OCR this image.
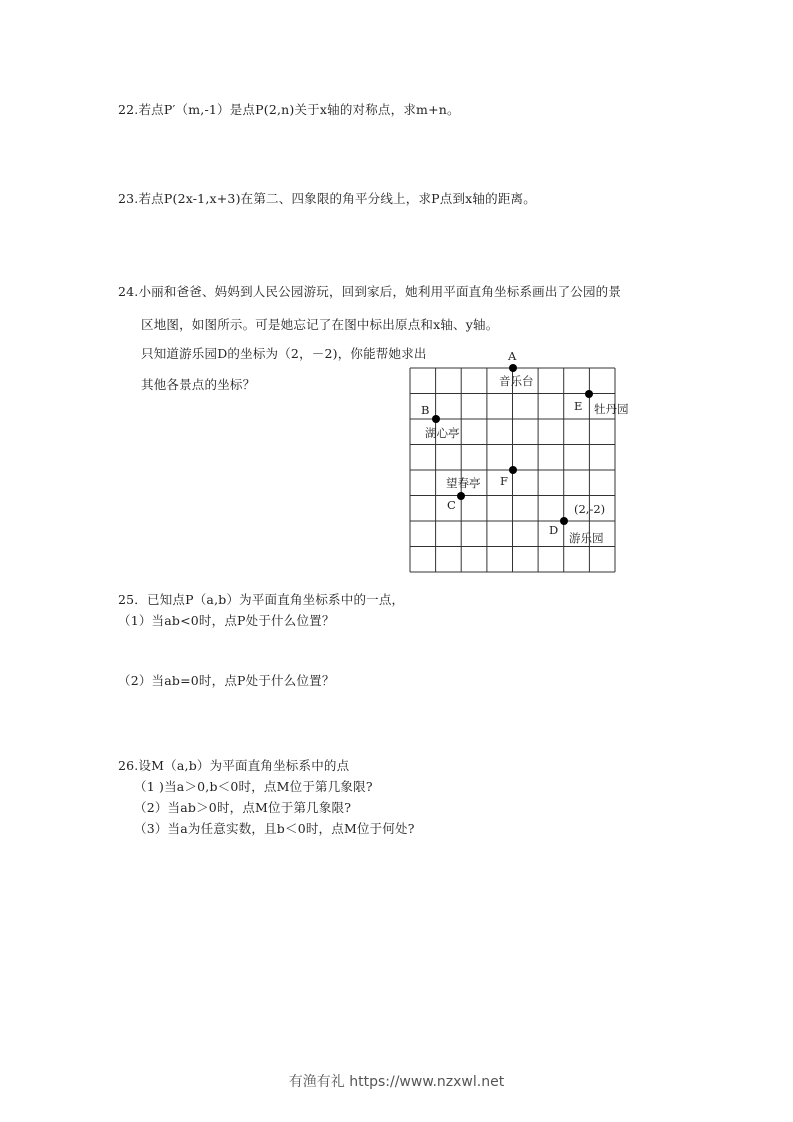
22.若点P′（m,-1）是点P(2,n)关于x轴的对称点，求m+n。
23.若点P(2x-1,x+3)在第二、四象限的角平分线上，求P点到x轴的距离。
24.小丽和爸爸、妈妈到人民公园游玩，回到家后，她利用平面直角坐标系画出了公园的景
区地图，如图所示。可是她忘记了在图中标出原点和x轴、y轴。
只知道游乐园D的坐标为（2，－2)，你能帮她求出
其他各景点的坐标？
A
音乐台
E 牡丹园
B
湖心亭
F
C
望春亭
D
(2,-2)
游乐园
25．已知点P（a,b）为平面直角坐标系中的一点，
（1）当ab<0时，点P处于什么位置？
（2）当ab=0时，点P处于什么位置？
26.设M（a,b）为平面直角坐标系中的点
（1 )当a＞0,b＜0时，点M位于第几象限?
（2）当ab＞0时，点M位于第几象限?
（3）当a为任意实数，且b＜0时，点M位于何处?
有渔有礼 https://www.nzxwl.net
